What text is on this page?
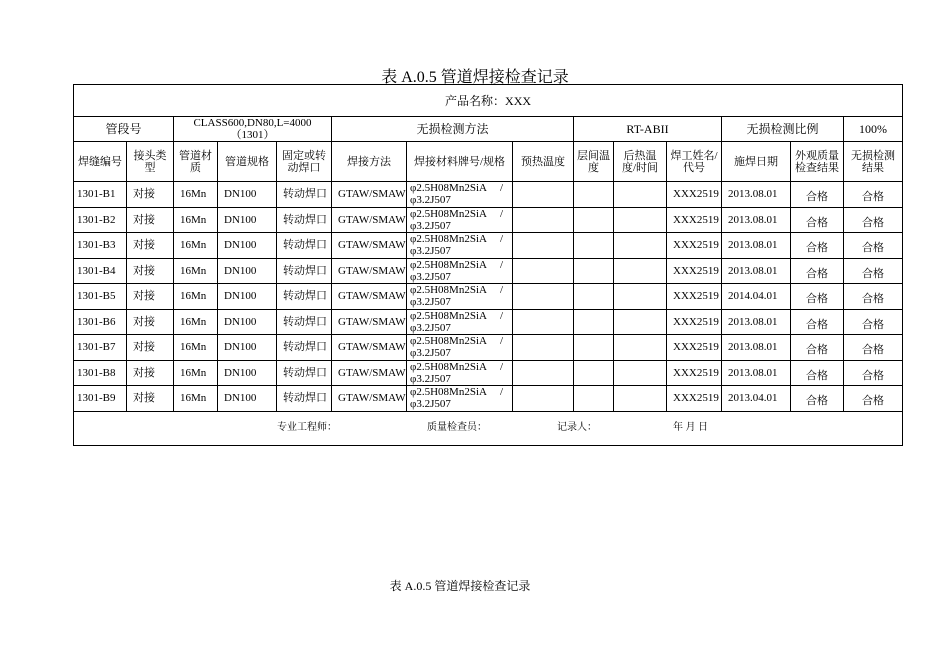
表 A.0.5 管道焊接检查记录
产品名称：XXX													
管段号		CLASS600,DN80,L=4000（1301）			无损检测方法			RT-ABII			无损检测比例		100%
焊缝编号	接头类型	管道材质	管道规格	固定或转动焊口	焊接方法	焊接材料牌号/规格	预热温度	层间温度	后热温度/时间	焊工姓名/代号	施焊日期	外观质量检查结果	无损检测结果
1301-B1	对接	16Mn	DN100	转动焊口	GTAW/SMAW	φ2.5H08Mn2SiA /
φ3.2J507				XXX2519	2013.08.01	合格	合格
1301-B2	对接	16Mn	DN100	转动焊口	GTAW/SMAW	φ2.5H08Mn2SiA /
φ3.2J507				XXX2519	2013.08.01	合格	合格
1301-B3	对接	16Mn	DN100	转动焊口	GTAW/SMAW	φ2.5H08Mn2SiA /
φ3.2J507				XXX2519	2013.08.01	合格	合格
1301-B4	对接	16Mn	DN100	转动焊口	GTAW/SMAW	φ2.5H08Mn2SiA /
φ3.2J507				XXX2519	2013.08.01	合格	合格
1301-B5	对接	16Mn	DN100	转动焊口	GTAW/SMAW	φ2.5H08Mn2SiA /
φ3.2J507				XXX2519	2014.04.01	合格	合格
1301-B6	对接	16Mn	DN100	转动焊口	GTAW/SMAW	φ2.5H08Mn2SiA /
φ3.2J507				XXX2519	2013.08.01	合格	合格
1301-B7	对接	16Mn	DN100	转动焊口	GTAW/SMAW	φ2.5H08Mn2SiA /
φ3.2J507				XXX2519	2013.08.01	合格	合格
1301-B8	对接	16Mn	DN100	转动焊口	GTAW/SMAW	φ2.5H08Mn2SiA /
φ3.2J507				XXX2519	2013.08.01	合格	合格
1301-B9	对接	16Mn	DN100	转动焊口	GTAW/SMAW	φ2.5H08Mn2SiA /
φ3.2J507				XXX2519	2013.04.01	合格	合格

专业工程师： 质量检查员： 记录人： 年 月 日													
表 A.0.5 管道焊接检查记录
